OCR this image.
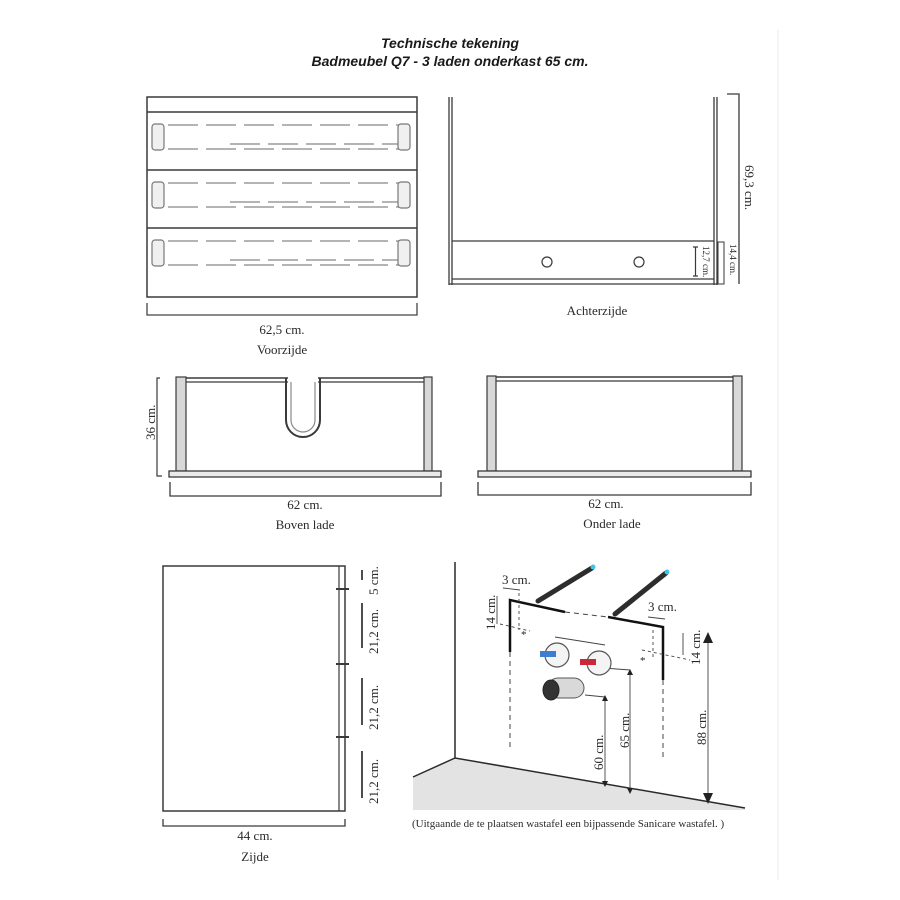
Technische tekening
Badmeubel Q7 - 3 laden onderkast 65 cm.
*
*
62,5 cm.
Voorzijde
Achterzijde
69,3 cm.
14,4 cm.
12,7 cm.
36 cm.
62 cm.
Boven lade
62 cm.
Onder lade
44 cm.
Zijde
5 cm.
21,2 cm.
21,2 cm.
21,2 cm.
3 cm.
3 cm.
14 cm.
14 cm.
60 cm.
65 cm.	88 cm.
(Uitgaande de te plaatsen wastafel een bijpassende Sanicare wastafel. )
